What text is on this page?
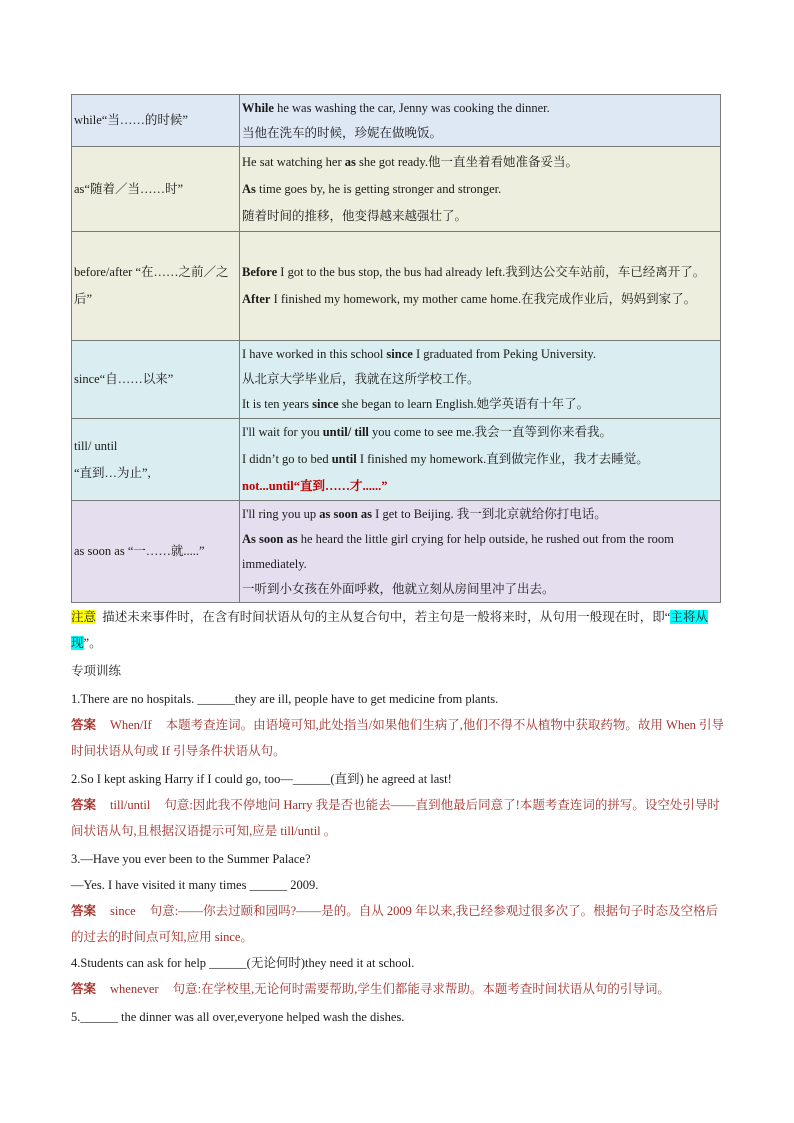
while“当……的时候”	While he was washing the car, Jenny was cooking the dinner.
当他在洗车的时候，珍妮在做晚饭。

as“随着／当……时”	He sat watching her as she got ready.他一直坐着看她准备妥当。
As time goes by, he is getting stronger and stronger.
随着时间的推移，他变得越来越强壮了。

before/after “在……之前／之后”	Before I got to the bus stop, the bus had already left.我到达公交车站前，车已经离开了。
After I finished my homework, my mother came home.在我完成作业后，妈妈到家了。

since“自……以来”	I have worked in this school since I graduated from Peking University.
从北京大学毕业后，我就在这所学校工作。
It is ten years since she began to learn English.她学英语有十年了。

till/ until
“直到…为止”,	I'll wait for you until/ till you come to see me.我会一直等到你来看我。
I didn’t go to bed until I finished my homework.直到做完作业，我才去睡觉。
not...until“直到……才......”

as soon as “一……就.....”	I'll ring you up as soon as I get to Beijing. 我一到北京就给你打电话。
As soon as he heard the little girl crying for help outside, he rushed out from the room immediately.
一听到小女孩在外面呼救，他就立刻从房间里冲了出去。

注意 描述未来事件时，在含有时间状语从句的主从复合句中，若主句是一般将来时，从句用一般现在时，即“主将从现”。

专项训练

1.There are no hospitals. ______they are ill, people have to get medicine from plants.

答案 When/If 本题考查连词。由语境可知,此处指当/如果他们生病了,他们不得不从植物中获取药物。故用 When 引导时间状语从句或 If 引导条件状语从句。

2.So I kept asking Harry if I could go, too—______(直到) he agreed at last!

答案 till/until 句意:因此我不停地问 Harry 我是否也能去——直到他最后同意了!本题考查连词的拼写。设空处引导时间状语从句,且根据汉语提示可知,应是 till/until 。

3.—Have you ever been to the Summer Palace?

—Yes. I have visited it many times ______ 2009.

答案 since 句意:——你去过颐和园吗?——是的。自从 2009 年以来,我已经参观过很多次了。根据句子时态及空格后的过去的时间点可知,应用 since。

4.Students can ask for help ______(无论何时)they need it at school.

答案 whenever 句意:在学校里,无论何时需要帮助,学生们都能寻求帮助。本题考查时间状语从句的引导词。

5.______ the dinner was all over,everyone helped wash the dishes.
